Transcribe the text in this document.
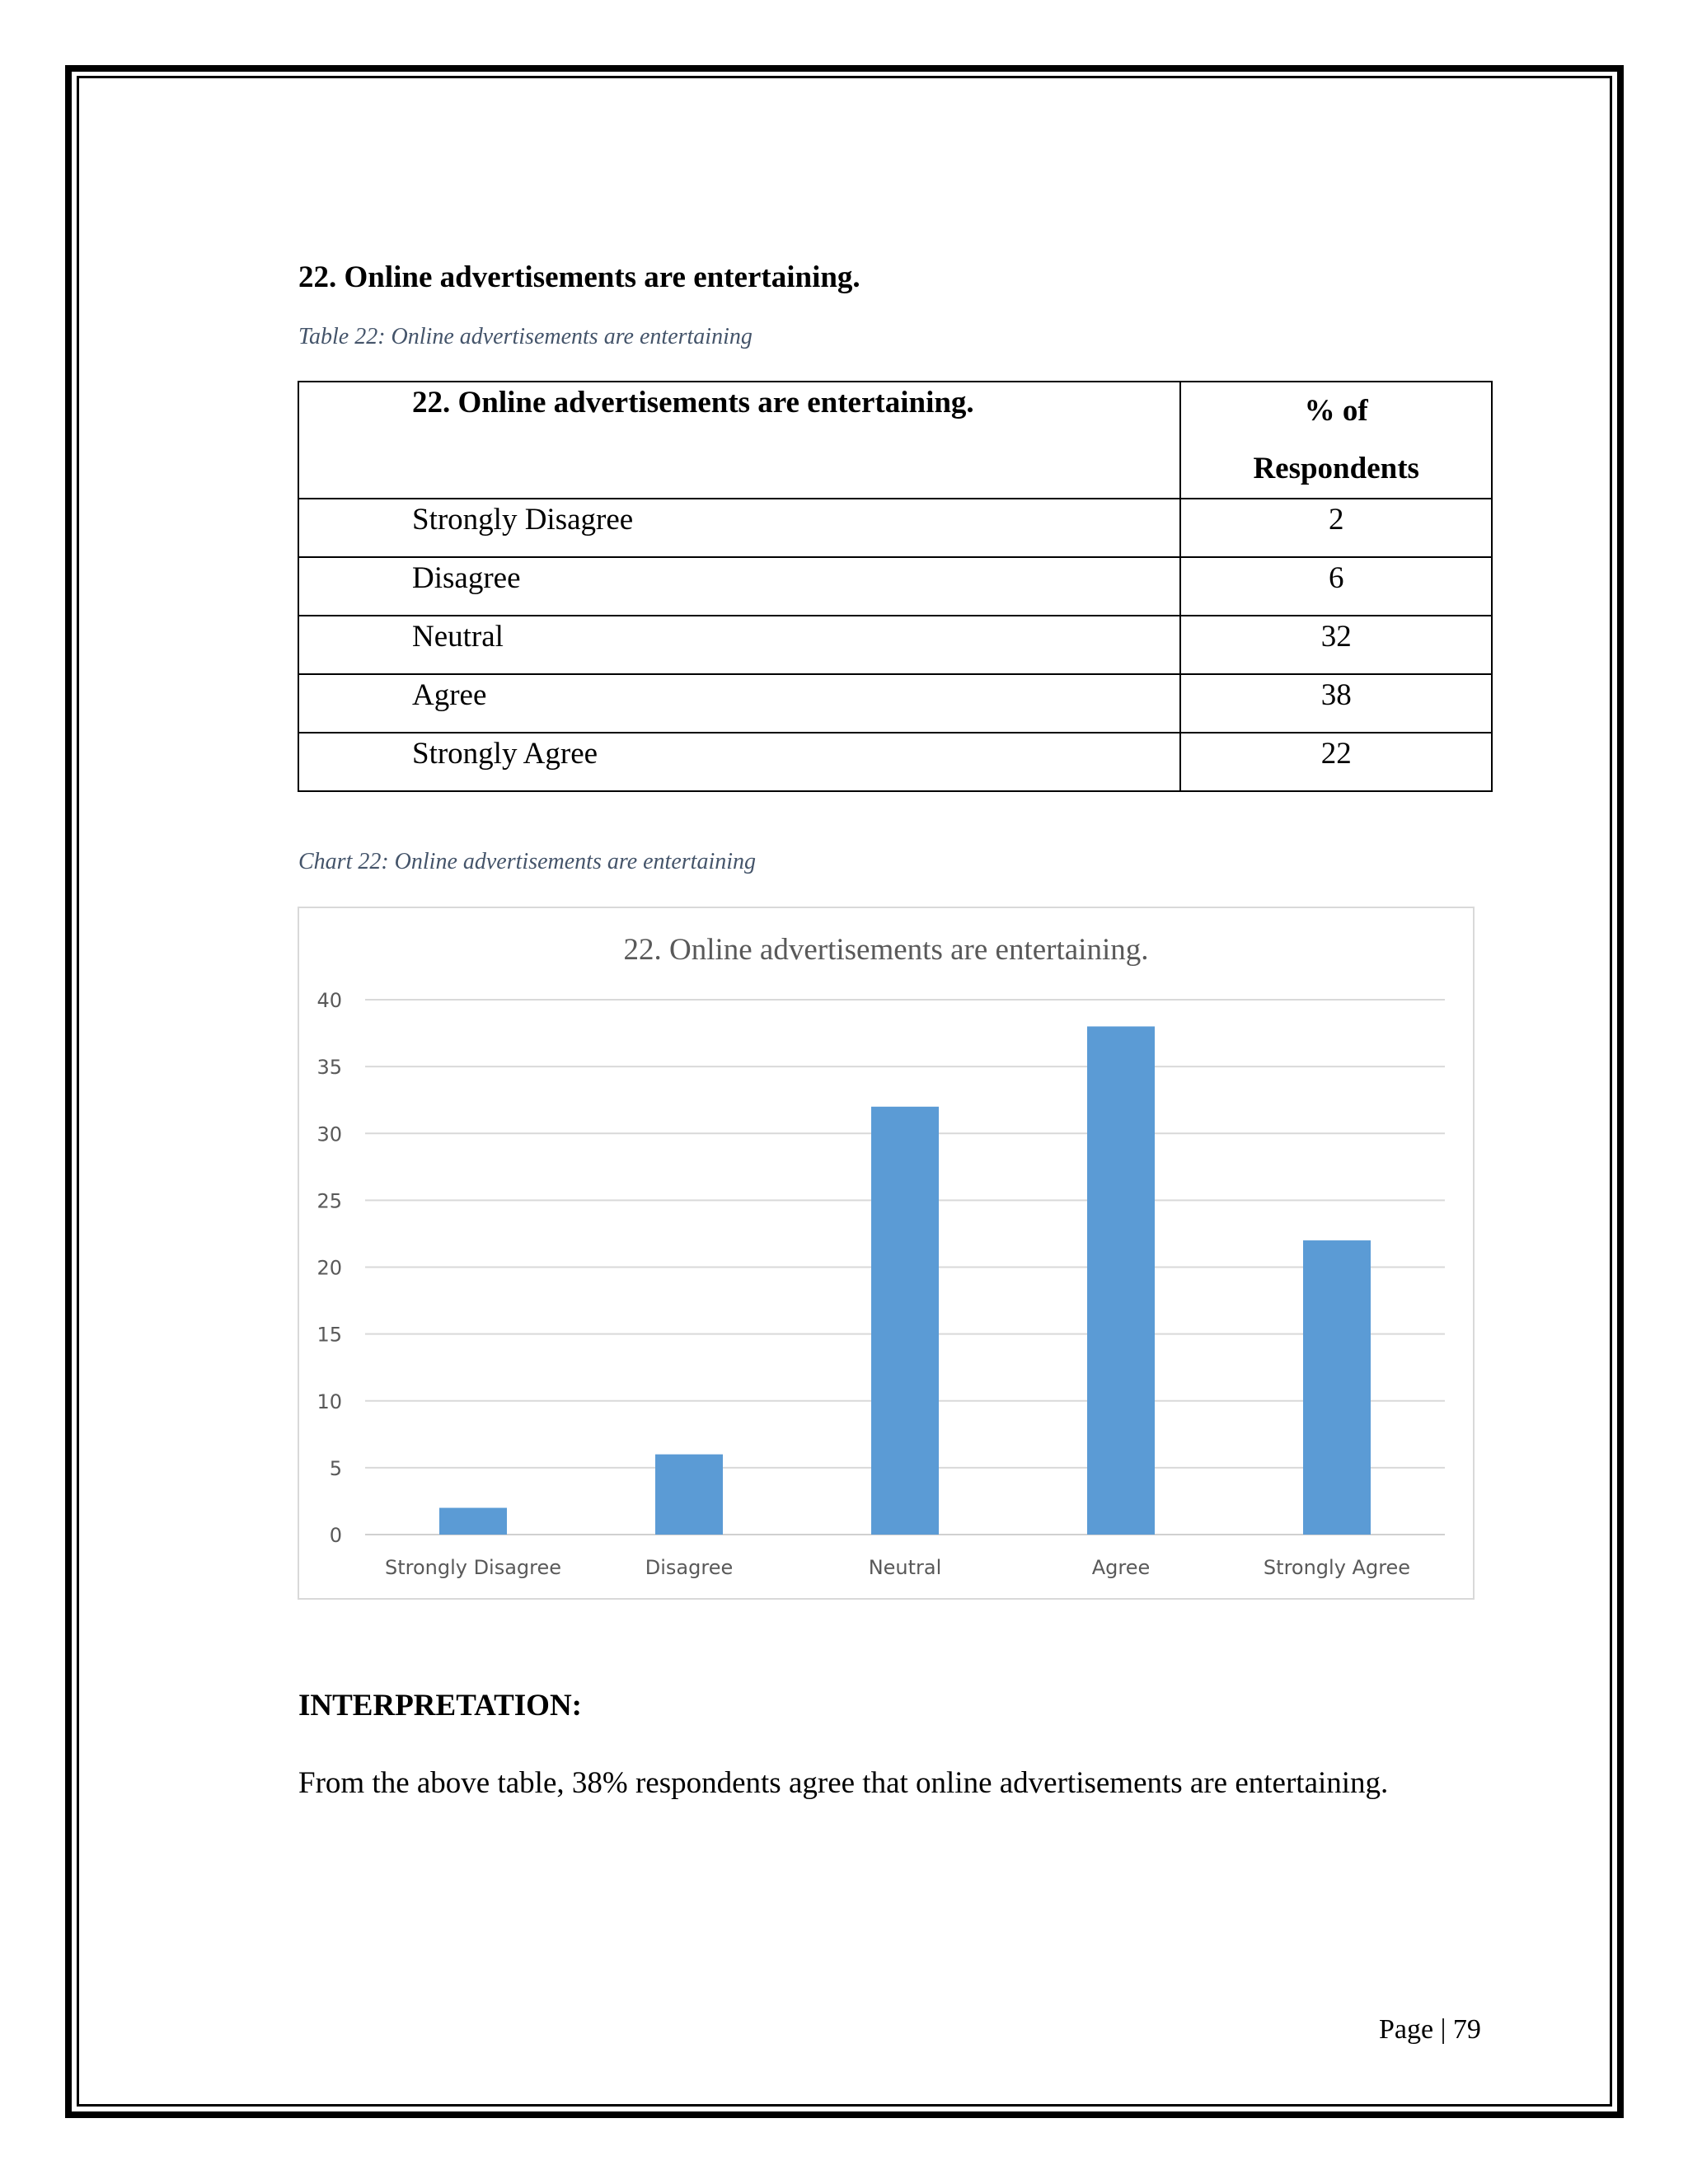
22. Online advertisements are entertaining.
Table 22: Online advertisements are entertaining
22. Online advertisements are entertaining.	% of
Respondents

Strongly Disagree	2
Disagree	6
Neutral	32
Agree	38
Strongly Agree	22
Chart 22: Online advertisements are entertaining
22. Online advertisements are entertaining.
0
5
10
15
20
25
30
35
40
Strongly Disagree	Disagree	Neutral	Agree	Strongly Agree
INTERPRETATION:
From the above table, 38% respondents agree that online advertisements are entertaining.
Page | 79
